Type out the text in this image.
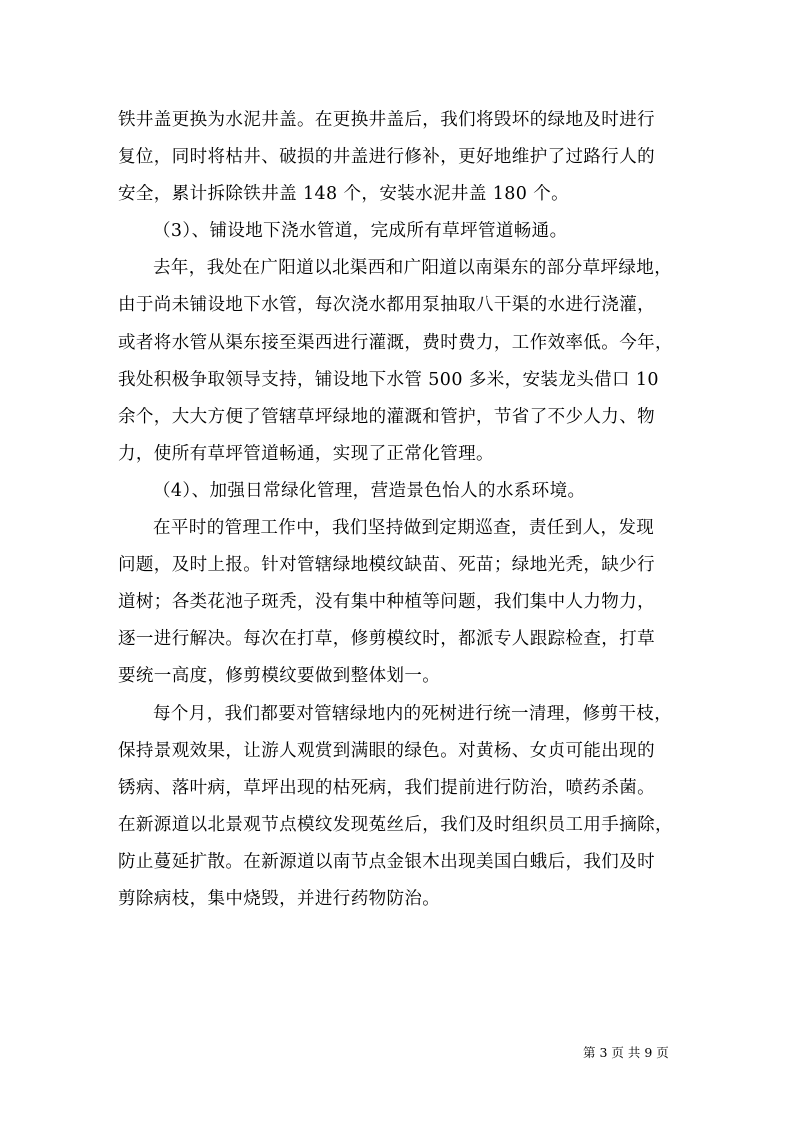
铁井盖更换为水泥井盖。在更换井盖后，我们将毁坏的绿地及时进行
复位，同时将枯井、破损的井盖进行修补，更好地维护了过路行人的
安全，累计拆除铁井盖 148 个，安装水泥井盖 180 个。

（3）、铺设地下浇水管道，完成所有草坪管道畅通。

去年，我处在广阳道以北渠西和广阳道以南渠东的部分草坪绿地，
由于尚未铺设地下水管，每次浇水都用泵抽取八干渠的水进行浇灌，
或者将水管从渠东接至渠西进行灌溉，费时费力，工作效率低。今年，
我处积极争取领导支持，铺设地下水管 500 多米，安装龙头借口 10
余个，大大方便了管辖草坪绿地的灌溉和管护，节省了不少人力、物
力，使所有草坪管道畅通，实现了正常化管理。

（4）、加强日常绿化管理，营造景色怡人的水系环境。

在平时的管理工作中，我们坚持做到定期巡查，责任到人，发现
问题，及时上报。针对管辖绿地模纹缺苗、死苗；绿地光秃，缺少行
道树；各类花池子斑秃，没有集中种植等问题，我们集中人力物力，
逐一进行解决。每次在打草，修剪模纹时，都派专人跟踪检查，打草
要统一高度，修剪模纹要做到整体划一。

每个月，我们都要对管辖绿地内的死树进行统一清理，修剪干枝，
保持景观效果，让游人观赏到满眼的绿色。对黄杨、女贞可能出现的
锈病、落叶病，草坪出现的枯死病，我们提前进行防治，喷药杀菌。
在新源道以北景观节点模纹发现菟丝后，我们及时组织员工用手摘除，
防止蔓延扩散。在新源道以南节点金银木出现美国白蛾后，我们及时
剪除病枝，集中烧毁，并进行药物防治。

第 3 页 共 9 页
